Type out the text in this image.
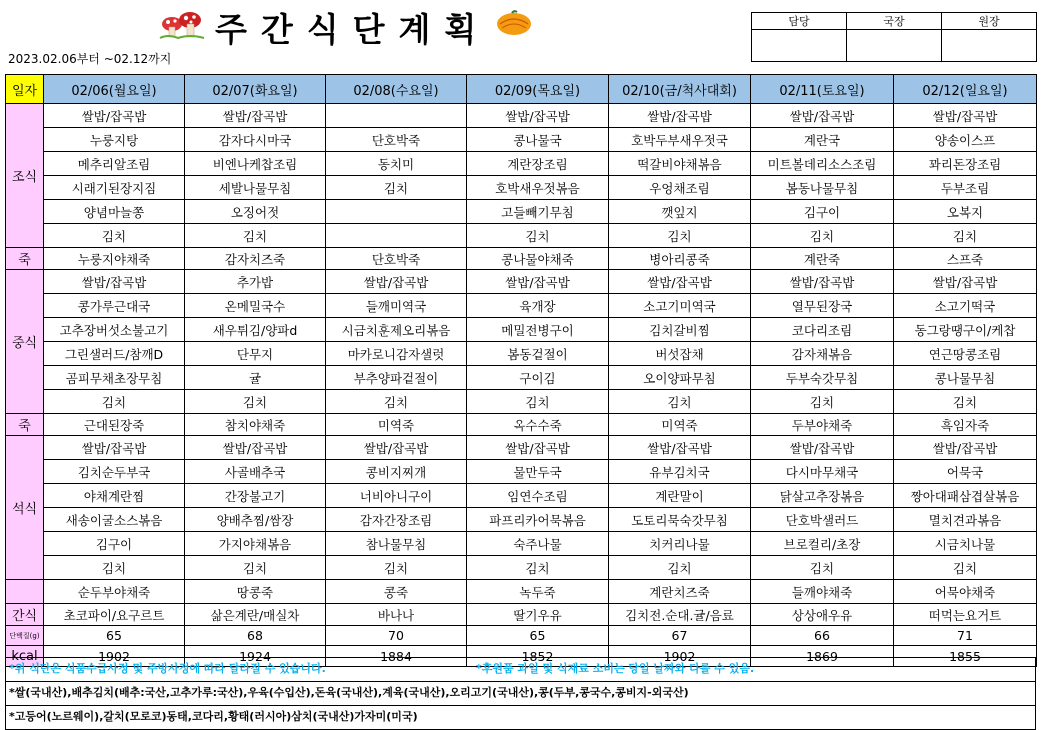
주간식단계획
2023.02.06부터 ~02.12까지
담당	국장	원장

일자	02/06(월요일)	02/07(화요일)	02/08(수요일)	02/09(목요일)	02/10(금/척사대회)	02/11(토요일)	02/12(일요일)
조식	쌀밥/잡곡밥	쌀밥/잡곡밥		쌀밥/잡곡밥	쌀밥/잡곡밥	쌀밥/잡곡밥	쌀밥/잡곡밥
	누룽지탕	감자다시마국	단호박죽	콩나물국	호박두부새우젓국	계란국	양송이스프
	메추리알조림	비엔나케찹조림	동치미	계란장조림	떡갈비야채볶음	미트볼데리소스조림	꽈리돈장조림
	시래기된장지짐	세발나물무침	김치	호박새우젓볶음	우엉채조림	봄동나물무침	두부조림
	양념마늘쫑	오징어젓		고들빼기무침	깻잎지	김구이	오복지
	김치	김치		김치	김치	김치	김치
죽	누룽지야채죽	감자치즈죽	단호박죽	콩나물야채죽	병아리콩죽	계란죽	스프죽
중식	쌀밥/잡곡밥	추가밥	쌀밥/잡곡밥	쌀밥/잡곡밥	쌀밥/잡곡밥	쌀밥/잡곡밥	쌀밥/잡곡밥
	콩가루근대국	온메밀국수	들깨미역국	육개장	소고기미역국	열무된장국	소고기떡국
	고추장버섯소불고기	새우튀김/양파d	시금치훈제오리볶음	메밀전병구이	김치갈비찜	코다리조림	동그랑땡구이/케찹
	그린샐러드/참깨D	단무지	마카로니감자샐럿	봄동겉절이	버섯잡채	감자채볶음	연근땅콩조림
	곰피무채초장무침	귤	부추양파겉절이	구이김	오이양파무침	두부숙갓무침	콩나물무침
	김치	김치	김치	김치	김치	김치	김치
죽	근대된장죽	참치야채죽	미역죽	옥수수죽	미역죽	두부야채죽	흑임자죽
석식	쌀밥/잡곡밥	쌀밥/잡곡밥	쌀밥/잡곡밥	쌀밥/잡곡밥	쌀밥/잡곡밥	쌀밥/잡곡밥	쌀밥/잡곡밥
	김치순두부국	사골배추국	콩비지찌개	물만두국	유부김치국	다시마무채국	어묵국
	야채계란찜	간장불고기	너비아니구이	임연수조림	계란말이	닭살고추장볶음	짱아대패삼겹살볶음
	새송이굴소스볶음	양배추찜/쌈장	감자간장조림	파프리카어묵볶음	도토리묵숙갓무침	단호박샐러드	멸치견과볶음
	김구이	가지야채볶음	참나물무침	숙주나물	치커리나물	브로컬리/초장	시금치나물
	김치	김치	김치	김치	김치	김치	김치
	순두부야채죽	땅콩죽	콩죽	녹두죽	계란치즈죽	들깨야채죽	어묵야채죽
간식	초코파이/요구르트	삶은계란/매실차	바나나	딸기우유	김치전.순대.귤/음료	상상애우유	떠먹는요거트
단백질(g)	65	68	70	65	67	66	71
kcal	1902	1924	1884	1852	1902	1869	1855
*위 식단은 식품수급사정 및 주방사정에 따라 달라질 수 있습니다.	*후원품 과일 및 식재료 소비는 당일 날짜와 다를 수 있음.
*쌀(국내산),배추김치(배추:국산,고추가루:국산),우육(수입산),돈육(국내산),계육(국내산),오리고기(국내산),콩(두부,콩국수,콩비지-외국산)
*고등어(노르웨이),갈치(모로코)동태,코다리,황태(러시아)삼치(국내산)가자미(미국)
